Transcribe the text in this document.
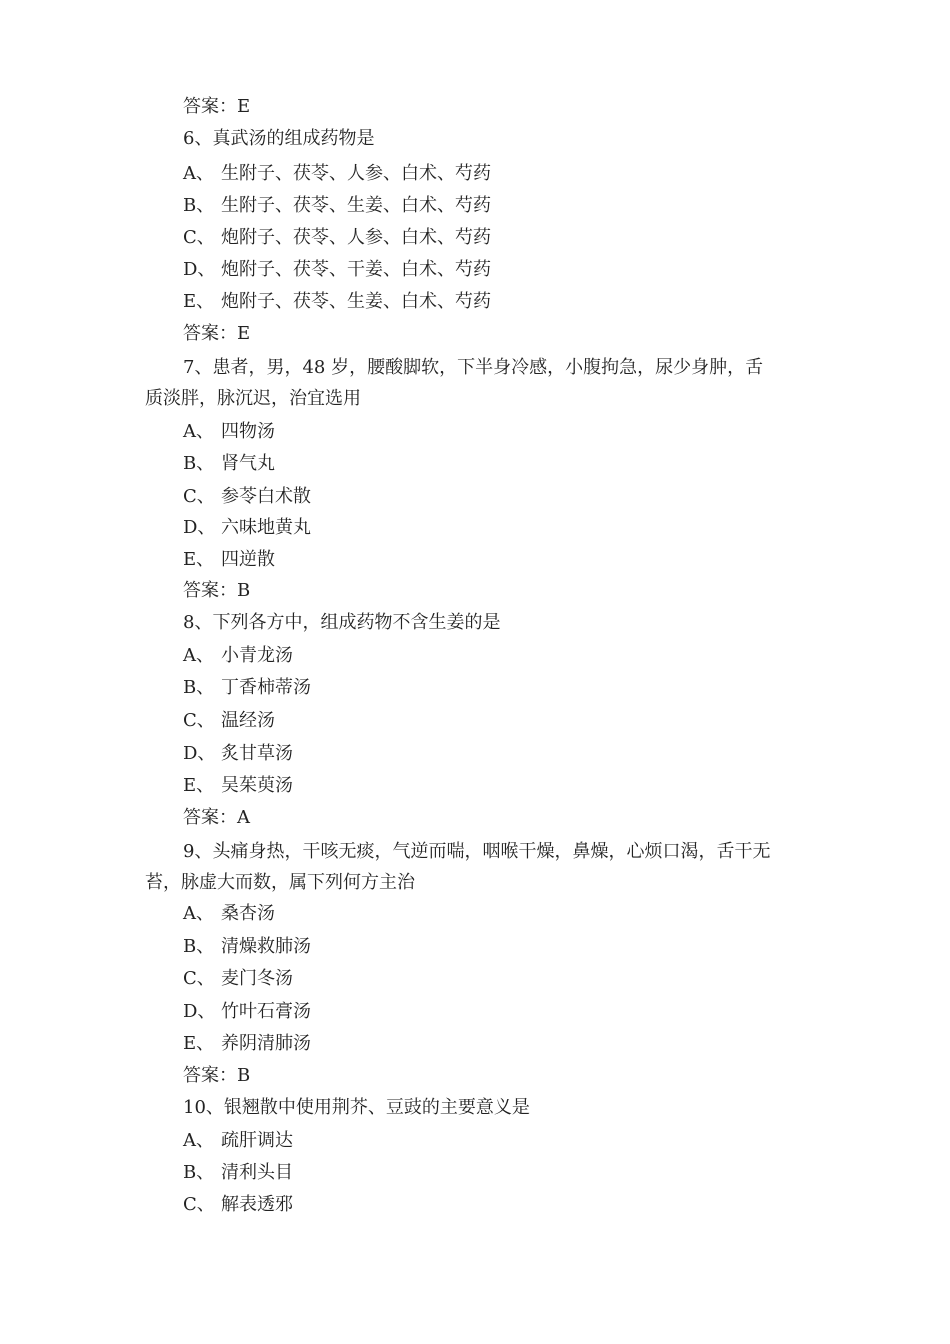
答案：E
6、真武汤的组成药物是
A、 生附子、茯苓、人参、白术、芍药
B、 生附子、茯苓、生姜、白术、芍药
C、 炮附子、茯苓、人参、白术、芍药
D、 炮附子、茯苓、干姜、白术、芍药
E、 炮附子、茯苓、生姜、白术、芍药
答案：E
7、患者，男，48 岁，腰酸脚软，下半身冷感，小腹拘急，尿少身肿，舌
质淡胖，脉沉迟，治宜选用
A、 四物汤
B、 肾气丸
C、 参苓白术散
D、 六味地黄丸
E、 四逆散
答案：B
8、下列各方中，组成药物不含生姜的是
A、 小青龙汤
B、 丁香柿蒂汤
C、 温经汤
D、 炙甘草汤
E、 吴茱萸汤
答案：A
9、头痛身热，干咳无痰，气逆而喘，咽喉干燥，鼻燥，心烦口渴，舌干无
苔，脉虚大而数，属下列何方主治
A、 桑杏汤
B、 清燥救肺汤
C、 麦门冬汤
D、 竹叶石膏汤
E、 养阴清肺汤
答案：B
10、银翘散中使用荆芥、豆豉的主要意义是
A、 疏肝调达
B、 清利头目
C、 解表透邪
